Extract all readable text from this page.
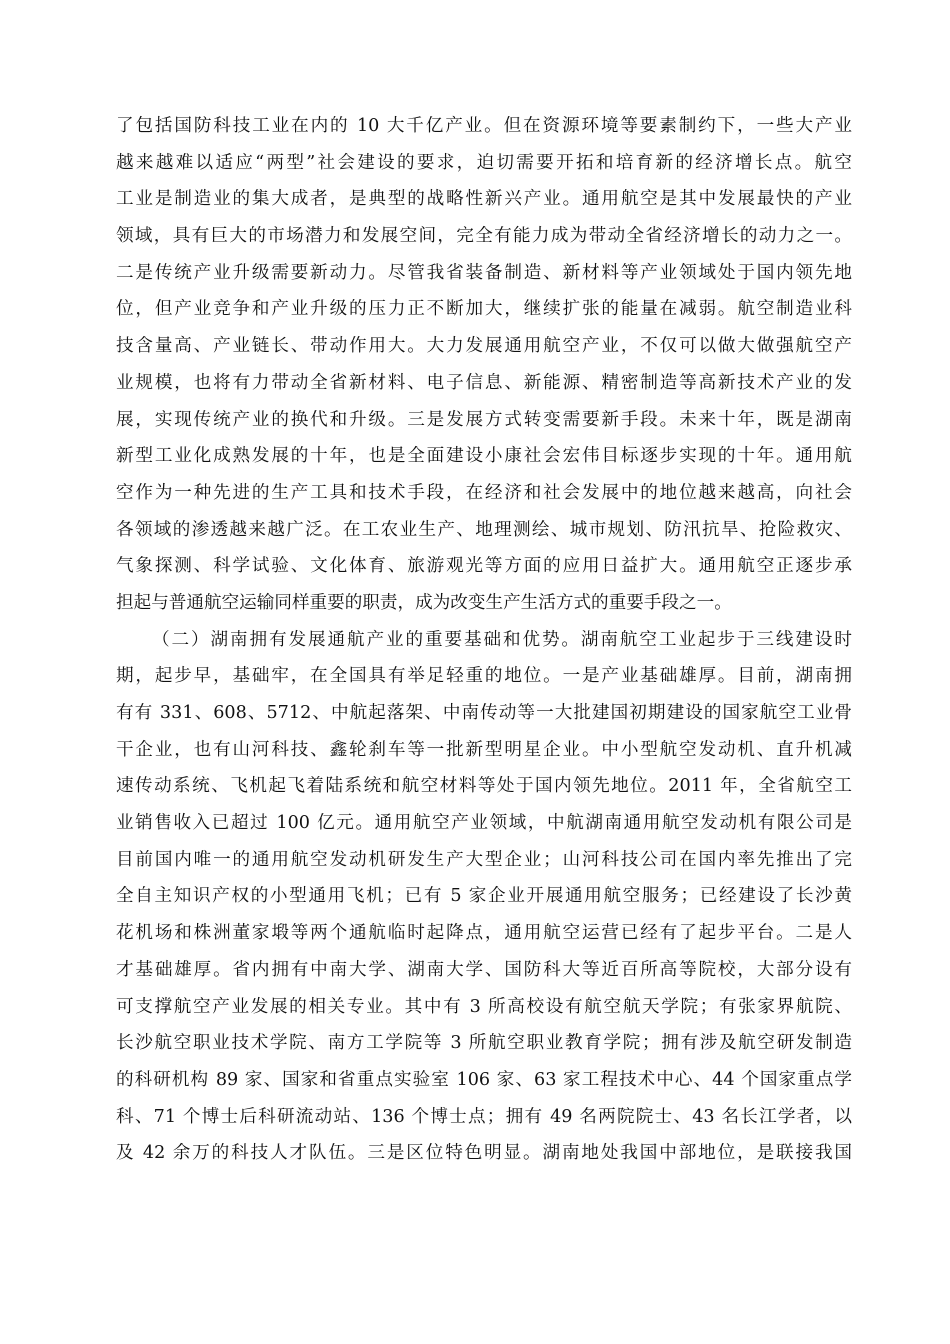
了包括国防科技工业在内的 10 大千亿产业。但在资源环境等要素制约下，一些大产业
越来越难以适应“两型”社会建设的要求，迫切需要开拓和培育新的经济增长点。航空
工业是制造业的集大成者，是典型的战略性新兴产业。通用航空是其中发展最快的产业
领域，具有巨大的市场潜力和发展空间，完全有能力成为带动全省经济增长的动力之一。
二是传统产业升级需要新动力。尽管我省装备制造、新材料等产业领域处于国内领先地
位，但产业竞争和产业升级的压力正不断加大，继续扩张的能量在减弱。航空制造业科
技含量高、产业链长、带动作用大。大力发展通用航空产业，不仅可以做大做强航空产
业规模，也将有力带动全省新材料、电子信息、新能源、精密制造等高新技术产业的发
展，实现传统产业的换代和升级。三是发展方式转变需要新手段。未来十年，既是湖南
新型工业化成熟发展的十年，也是全面建设小康社会宏伟目标逐步实现的十年。通用航
空作为一种先进的生产工具和技术手段，在经济和社会发展中的地位越来越高，向社会
各领域的渗透越来越广泛。在工农业生产、地理测绘、城市规划、防汛抗旱、抢险救灾、
气象探测、科学试验、文化体育、旅游观光等方面的应用日益扩大。通用航空正逐步承
担起与普通航空运输同样重要的职责，成为改变生产生活方式的重要手段之一。
（二）湖南拥有发展通航产业的重要基础和优势。湖南航空工业起步于三线建设时
期，起步早，基础牢，在全国具有举足轻重的地位。一是产业基础雄厚。目前，湖南拥
有有 331、608、5712、中航起落架、中南传动等一大批建国初期建设的国家航空工业骨
干企业，也有山河科技、鑫轮刹车等一批新型明星企业。中小型航空发动机、直升机减
速传动系统、飞机起飞着陆系统和航空材料等处于国内领先地位。2011 年，全省航空工
业销售收入已超过 100 亿元。通用航空产业领域，中航湖南通用航空发动机有限公司是
目前国内唯一的通用航空发动机研发生产大型企业；山河科技公司在国内率先推出了完
全自主知识产权的小型通用飞机；已有 5 家企业开展通用航空服务；已经建设了长沙黄
花机场和株洲董家塅等两个通航临时起降点，通用航空运营已经有了起步平台。二是人
才基础雄厚。省内拥有中南大学、湖南大学、国防科大等近百所高等院校，大部分设有
可支撑航空产业发展的相关专业。其中有 3 所高校设有航空航天学院；有张家界航院、
长沙航空职业技术学院、南方工学院等 3 所航空职业教育学院；拥有涉及航空研发制造
的科研机构 89 家、国家和省重点实验室 106 家、63 家工程技术中心、44 个国家重点学
科、71 个博士后科研流动站、136 个博士点；拥有 49 名两院院士、43 名长江学者，以
及 42 余万的科技人才队伍。三是区位特色明显。湖南地处我国中部地位，是联接我国
